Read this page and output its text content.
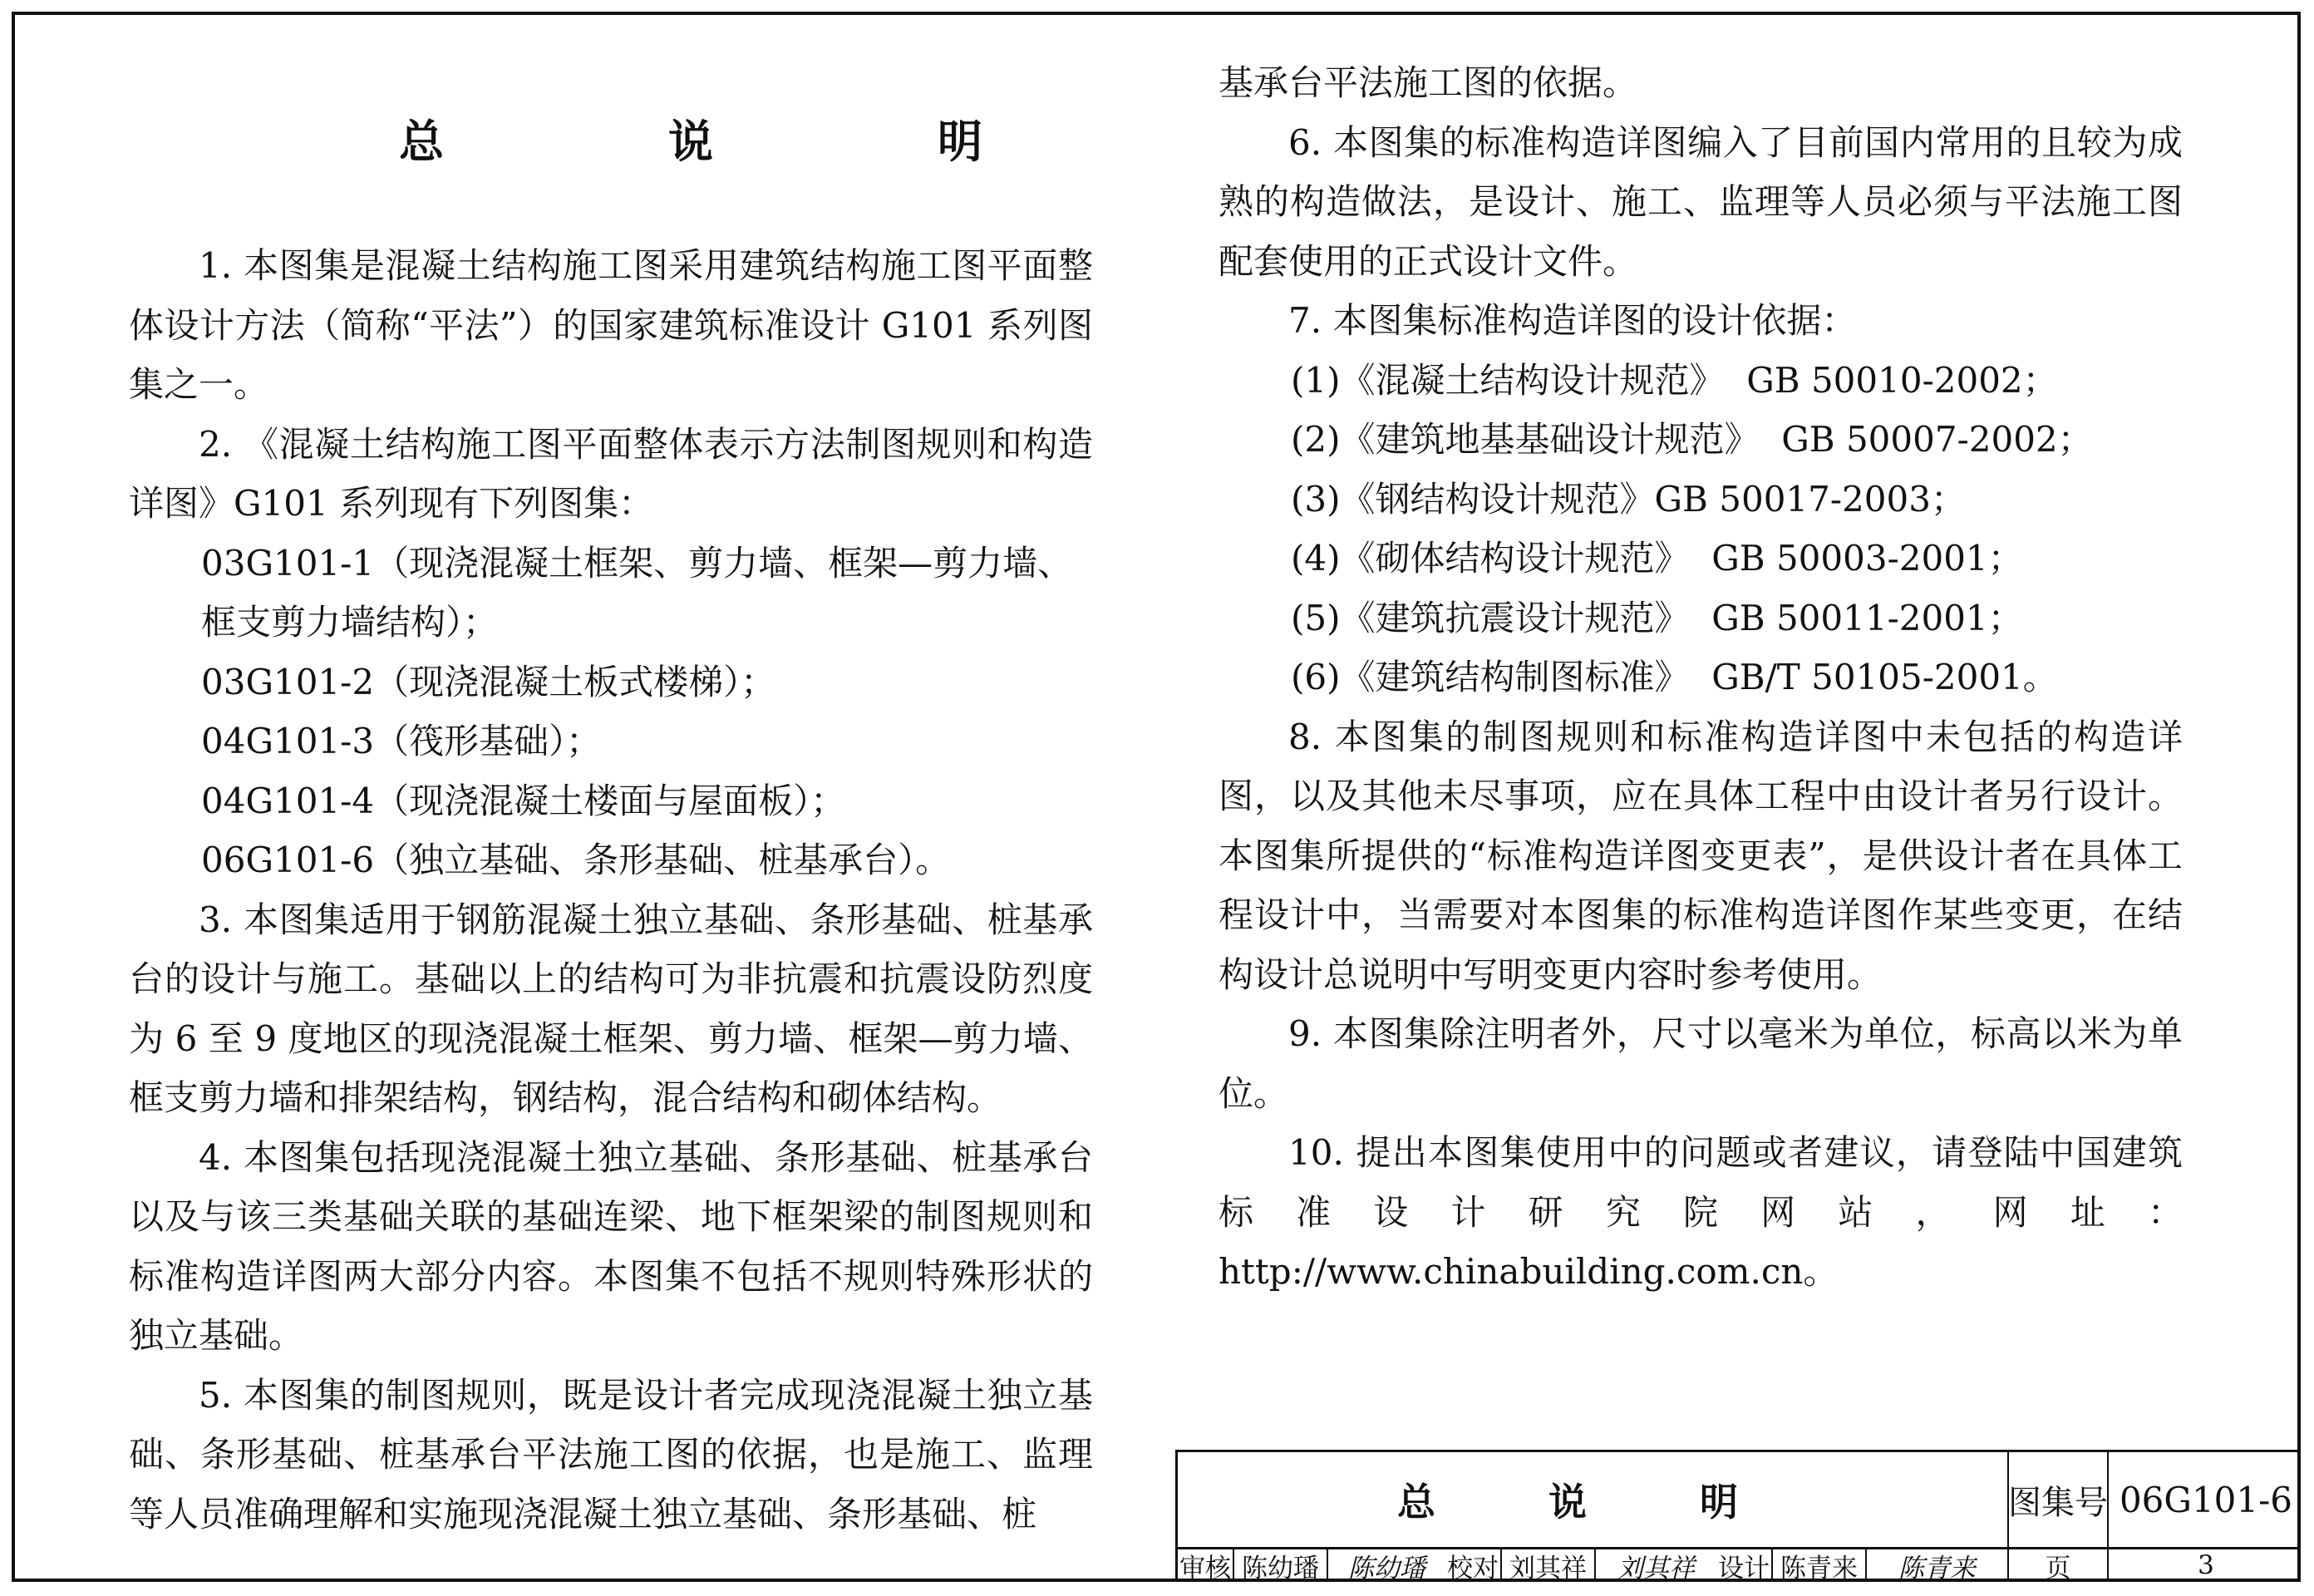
总　说　明

1. 本图集是混凝土结构施工图采用建筑结构施工图平面整体设计方法（简称“平法”）的国家建筑标准设计 G101 系列图集之一。

2. 《混凝土结构施工图平面整体表示方法制图规则和构造详图》G101 系列现有下列图集：

03G101-1（现浇混凝土框架、剪力墙、框架—剪力墙、框支剪力墙结构）；

03G101-2（现浇混凝土板式楼梯）；

04G101-3（筏形基础）；

04G101-4（现浇混凝土楼面与屋面板）；

06G101-6（独立基础、条形基础、桩基承台）。

3. 本图集适用于钢筋混凝土独立基础、条形基础、桩基承台的设计与施工。基础以上的结构可为非抗震和抗震设防烈度为 6 至 9 度地区的现浇混凝土框架、剪力墙、框架—剪力墙、框支剪力墙和排架结构，钢结构，混合结构和砌体结构。

4. 本图集包括现浇混凝土独立基础、条形基础、桩基承台以及与该三类基础关联的基础连梁、地下框架梁的制图规则和标准构造详图两大部分内容。本图集不包括不规则特殊形状的独立基础。

5. 本图集的制图规则，既是设计者完成现浇混凝土独立基础、条形基础、桩基承台平法施工图的依据，也是施工、监理等人员准确理解和实施现浇混凝土独立基础、条形基础、桩

基承台平法施工图的依据。

6. 本图集的标准构造详图编入了目前国内常用的且较为成熟的构造做法，是设计、施工、监理等人员必须与平法施工图配套使用的正式设计文件。

7. 本图集标准构造详图的设计依据：

(1)《混凝土结构设计规范》  GB 50010-2002；

(2)《建筑地基基础设计规范》  GB 50007-2002；

(3)《钢结构设计规范》GB 50017-2003；

(4)《砌体结构设计规范》  GB 50003-2001；

(5)《建筑抗震设计规范》  GB 50011-2001；

(6)《建筑结构制图标准》  GB/T 50105-2001。

8. 本图集的制图规则和标准构造详图中未包括的构造详图，以及其他未尽事项，应在具体工程中由设计者另行设计。本图集所提供的“标准构造详图变更表”，是供设计者在具体工程设计中，当需要对本图集的标准构造详图作某些变更，在结构设计总说明中写明变更内容时参考使用。

9. 本图集除注明者外，尺寸以毫米为单位，标高以米为单位。

10. 提出本图集使用中的问题或者建议，请登陆中国建筑标准设计研究院网站，网址：http://www.chinabuilding.com.cn。

总 说 明	图集号 06G101-6
审核 陈幼璠	陈幼璠 校对 刘其祥	刘其祥 设计 陈青来	陈青来	页	3
